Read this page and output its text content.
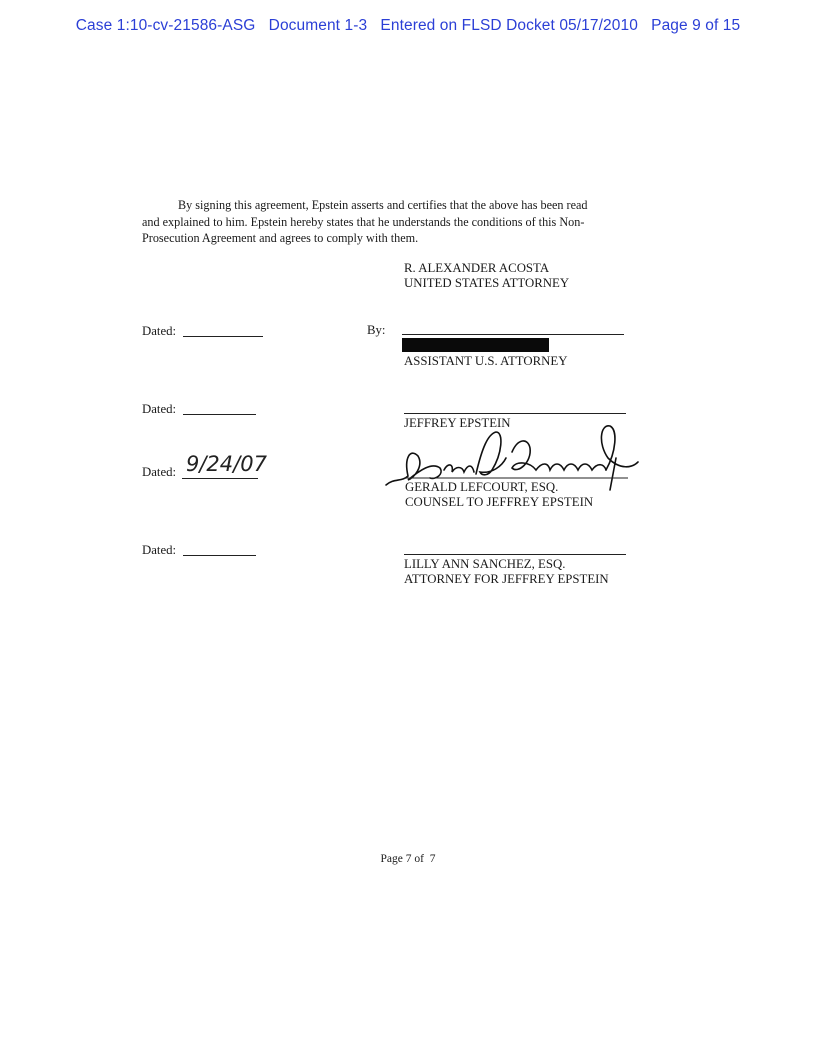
Case 1:10-cv-21586-ASG   Document 1-3   Entered on FLSD Docket 05/17/2010   Page 9 of 15
By signing this agreement, Epstein asserts and certifies that the above has been read
and explained to him. Epstein hereby states that he understands the conditions of this Non-
Prosecution Agreement and agrees to comply with them.
R. ALEXANDER ACOSTA
UNITED STATES ATTORNEY
Dated:	By:
ASSISTANT U.S. ATTORNEY
Dated:
JEFFREY EPSTEIN
Dated: 9/24/07
GERALD LEFCOURT, ESQ.
COUNSEL TO JEFFREY EPSTEIN
Dated:
LILLY ANN SANCHEZ, ESQ.
ATTORNEY FOR JEFFREY EPSTEIN
Page 7 of  7
